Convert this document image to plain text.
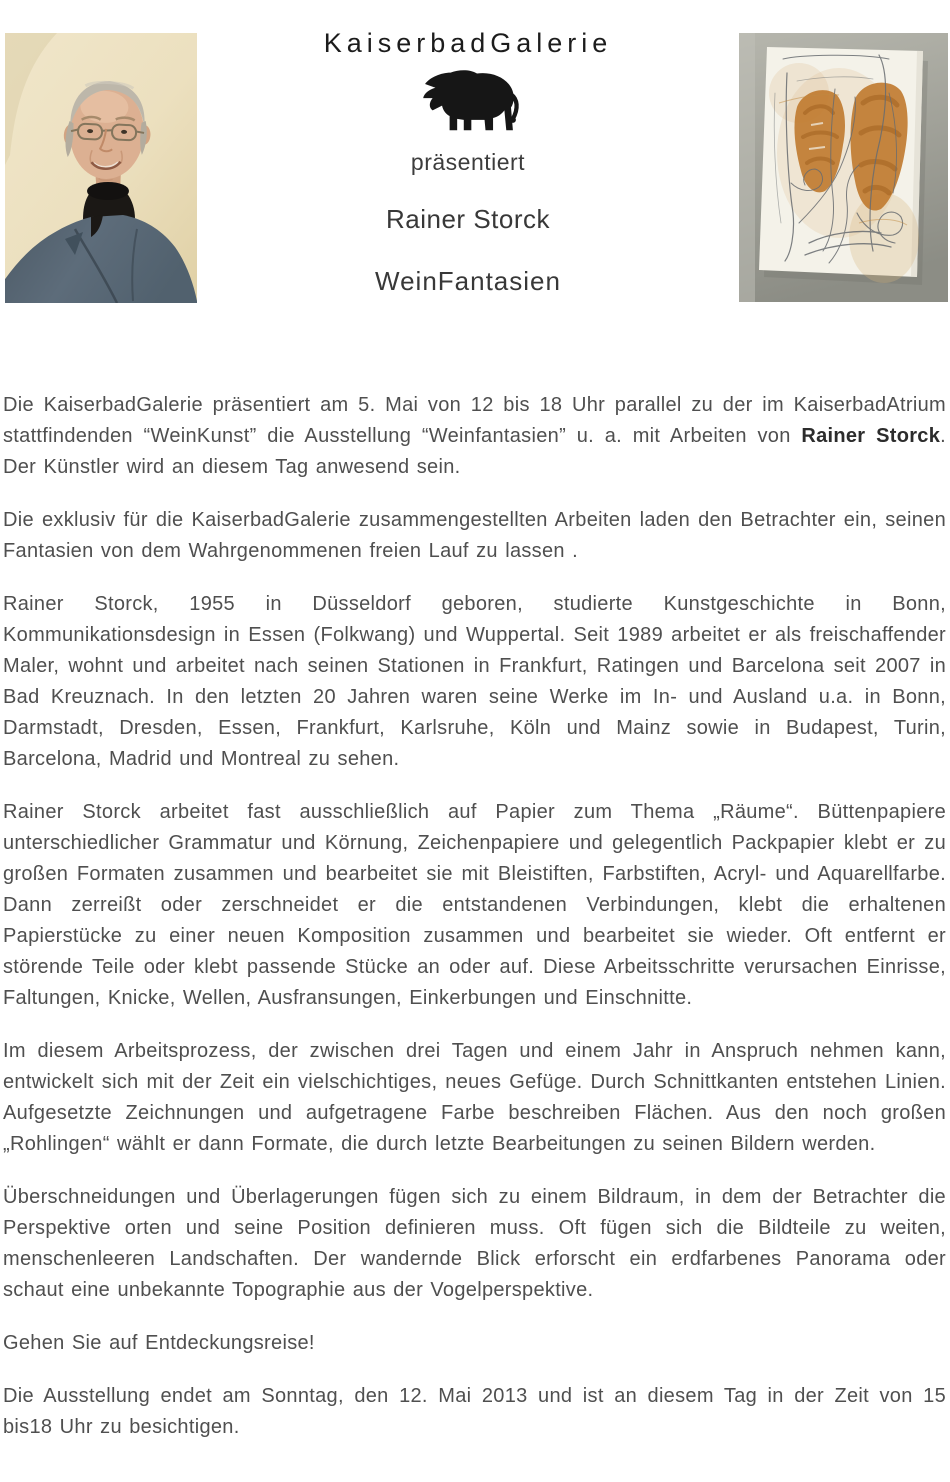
KaiserbadGalerie
präsentiert
Rainer Storck
WeinFantasien

Die KaiserbadGalerie präsentiert am 5. Mai von 12 bis 18 Uhr parallel zu der im KaiserbadAtrium stattfindenden “WeinKunst” die Ausstellung “Weinfantasien” u. a. mit Arbeiten von Rainer Storck. Der Künstler wird an diesem Tag anwesend sein.

Die exklusiv für die KaiserbadGalerie zusammengestellten Arbeiten laden den Betrachter ein, seinen Fantasien von dem Wahrgenommenen freien Lauf zu lassen .

Rainer Storck, 1955 in Düsseldorf geboren, studierte Kunstgeschichte in Bonn, Kommunikationsdesign in Essen (Folkwang) und Wuppertal. Seit 1989 arbeitet er als freischaffender Maler, wohnt und arbeitet nach seinen Stationen in Frankfurt, Ratingen und Barcelona seit 2007 in Bad Kreuznach. In den letzten 20 Jahren waren seine Werke im In- und Ausland u.a. in Bonn, Darmstadt, Dresden, Essen, Frankfurt, Karlsruhe, Köln und Mainz sowie in Budapest, Turin, Barcelona, Madrid und Montreal zu sehen.

Rainer Storck arbeitet fast ausschließlich auf Papier zum Thema „Räume“. Büttenpapiere unterschiedlicher Grammatur und Körnung, Zeichenpapiere und gelegentlich Packpapier klebt er zu großen Formaten zusammen und bearbeitet sie mit Bleistiften, Farbstiften, Acryl- und Aquarellfarbe. Dann zerreißt oder zerschneidet er die entstandenen Verbindungen, klebt die erhaltenen Papierstücke zu einer neuen Komposition zusammen und bearbeitet sie wieder. Oft entfernt er störende Teile oder klebt passende Stücke an oder auf. Diese Arbeitsschritte verursachen Einrisse, Faltungen, Knicke, Wellen, Ausfransungen, Einkerbungen und Einschnitte.

Im diesem Arbeitsprozess, der zwischen drei Tagen und einem Jahr in Anspruch nehmen kann, entwickelt sich mit der Zeit ein vielschichtiges, neues Gefüge. Durch Schnittkanten entstehen Linien. Aufgesetzte Zeichnungen und aufgetragene Farbe beschreiben Flächen. Aus den noch großen „Rohlingen“ wählt er dann Formate, die durch letzte Bearbeitungen zu seinen Bildern werden.

Überschneidungen und Überlagerungen fügen sich zu einem Bildraum, in dem der Betrachter die Perspektive orten und seine Position definieren muss. Oft fügen sich die Bildteile zu weiten, menschenleeren Landschaften. Der wandernde Blick erforscht ein erdfarbenes Panorama oder schaut eine unbekannte Topographie aus der Vogelperspektive.

Gehen Sie auf Entdeckungsreise!

Die Ausstellung endet am Sonntag, den 12. Mai 2013 und ist an diesem Tag in der Zeit von 15 bis18 Uhr zu besichtigen.
